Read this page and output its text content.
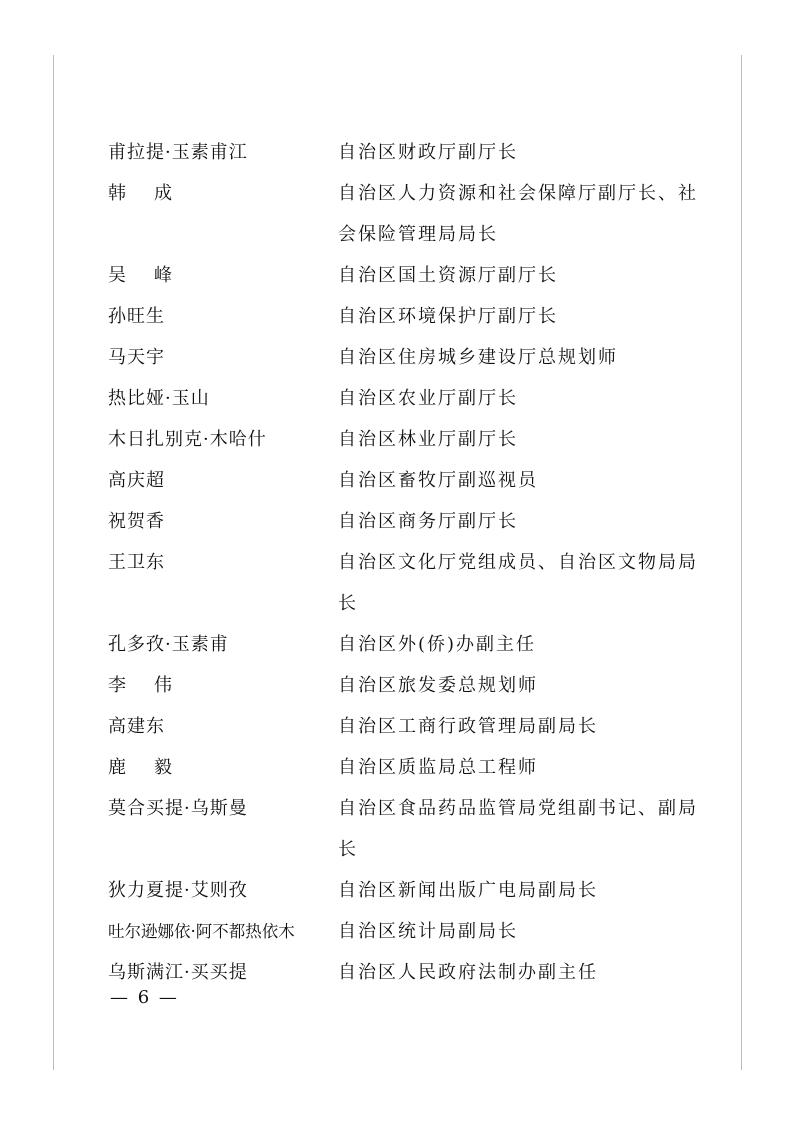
甫拉提·玉素甫江	自治区财政厅副厅长
韩成	自治区人力资源和社会保障厅副厅长、社会保险管理局局长
吴峰	自治区国土资源厅副厅长
孙旺生	自治区环境保护厅副厅长
马天宇	自治区住房城乡建设厅总规划师
热比娅·玉山	自治区农业厅副厅长
木日扎别克·木哈什	自治区林业厅副厅长
高庆超	自治区畜牧厅副巡视员
祝贺香	自治区商务厅副厅长
王卫东	自治区文化厅党组成员、自治区文物局局长
孔多孜·玉素甫	自治区外(侨)办副主任
李伟	自治区旅发委总规划师
高建东	自治区工商行政管理局副局长
鹿毅	自治区质监局总工程师
莫合买提·乌斯曼	自治区食品药品监管局党组副书记、副局长
狄力夏提·艾则孜	自治区新闻出版广电局副局长
吐尔逊娜依·阿不都热依木	自治区统计局副局长
乌斯满江·买买提	自治区人民政府法制办副主任
— 6 —
